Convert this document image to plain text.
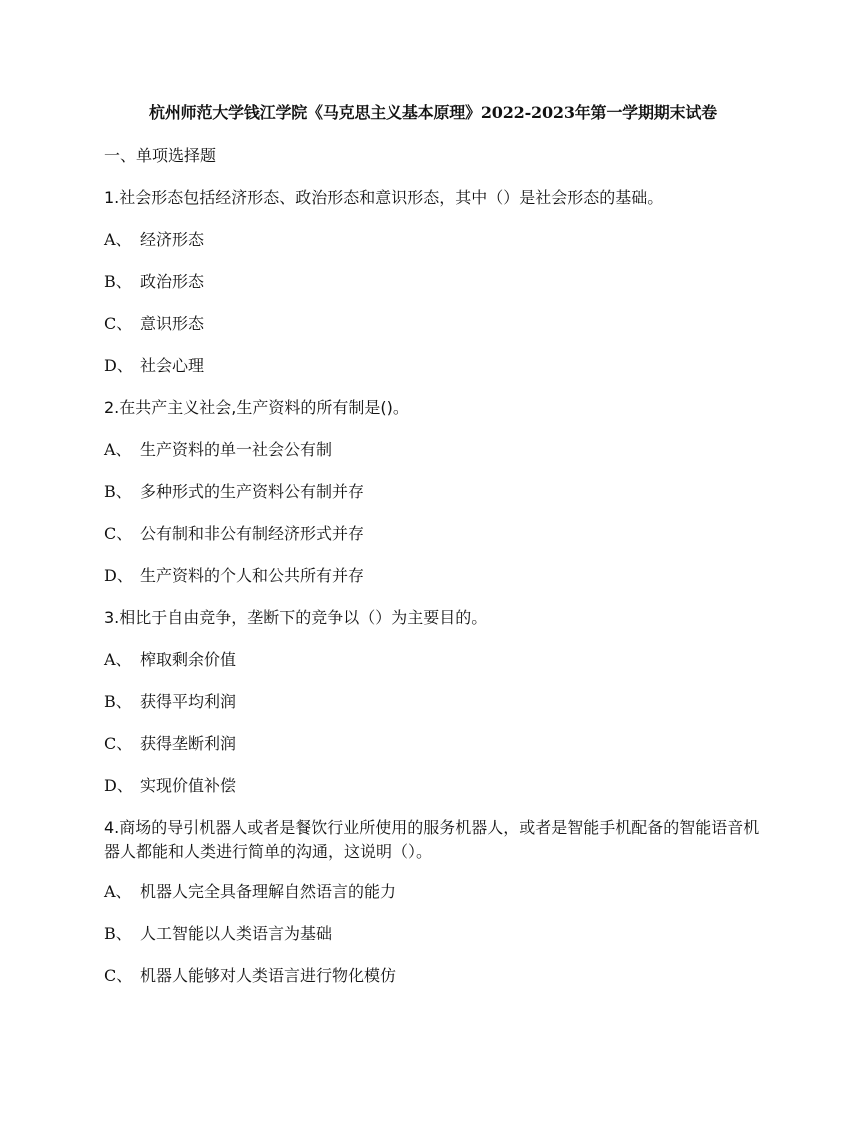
杭州师范大学钱江学院《马克思主义基本原理》2022-2023年第一学期期末试卷
一、单项选择题
1.社会形态包括经济形态、政治形态和意识形态，其中（）是社会形态的基础。
A、 经济形态
B、 政治形态
C、 意识形态
D、 社会心理
2.在共产主义社会,生产资料的所有制是()。
A、 生产资料的单一社会公有制
B、 多种形式的生产资料公有制并存
C、 公有制和非公有制经济形式并存
D、 生产资料的个人和公共所有并存
3.相比于自由竞争，垄断下的竞争以（）为主要目的。
A、 榨取剩余价值
B、 获得平均利润
C、 获得垄断利润
D、 实现价值补偿
4.商场的导引机器人或者是餐饮行业所使用的服务机器人，或者是智能手机配备的智能语音机器人都能和人类进行简单的沟通，这说明（）。
A、 机器人完全具备理解自然语言的能力
B、 人工智能以人类语言为基础
C、 机器人能够对人类语言进行物化模仿
